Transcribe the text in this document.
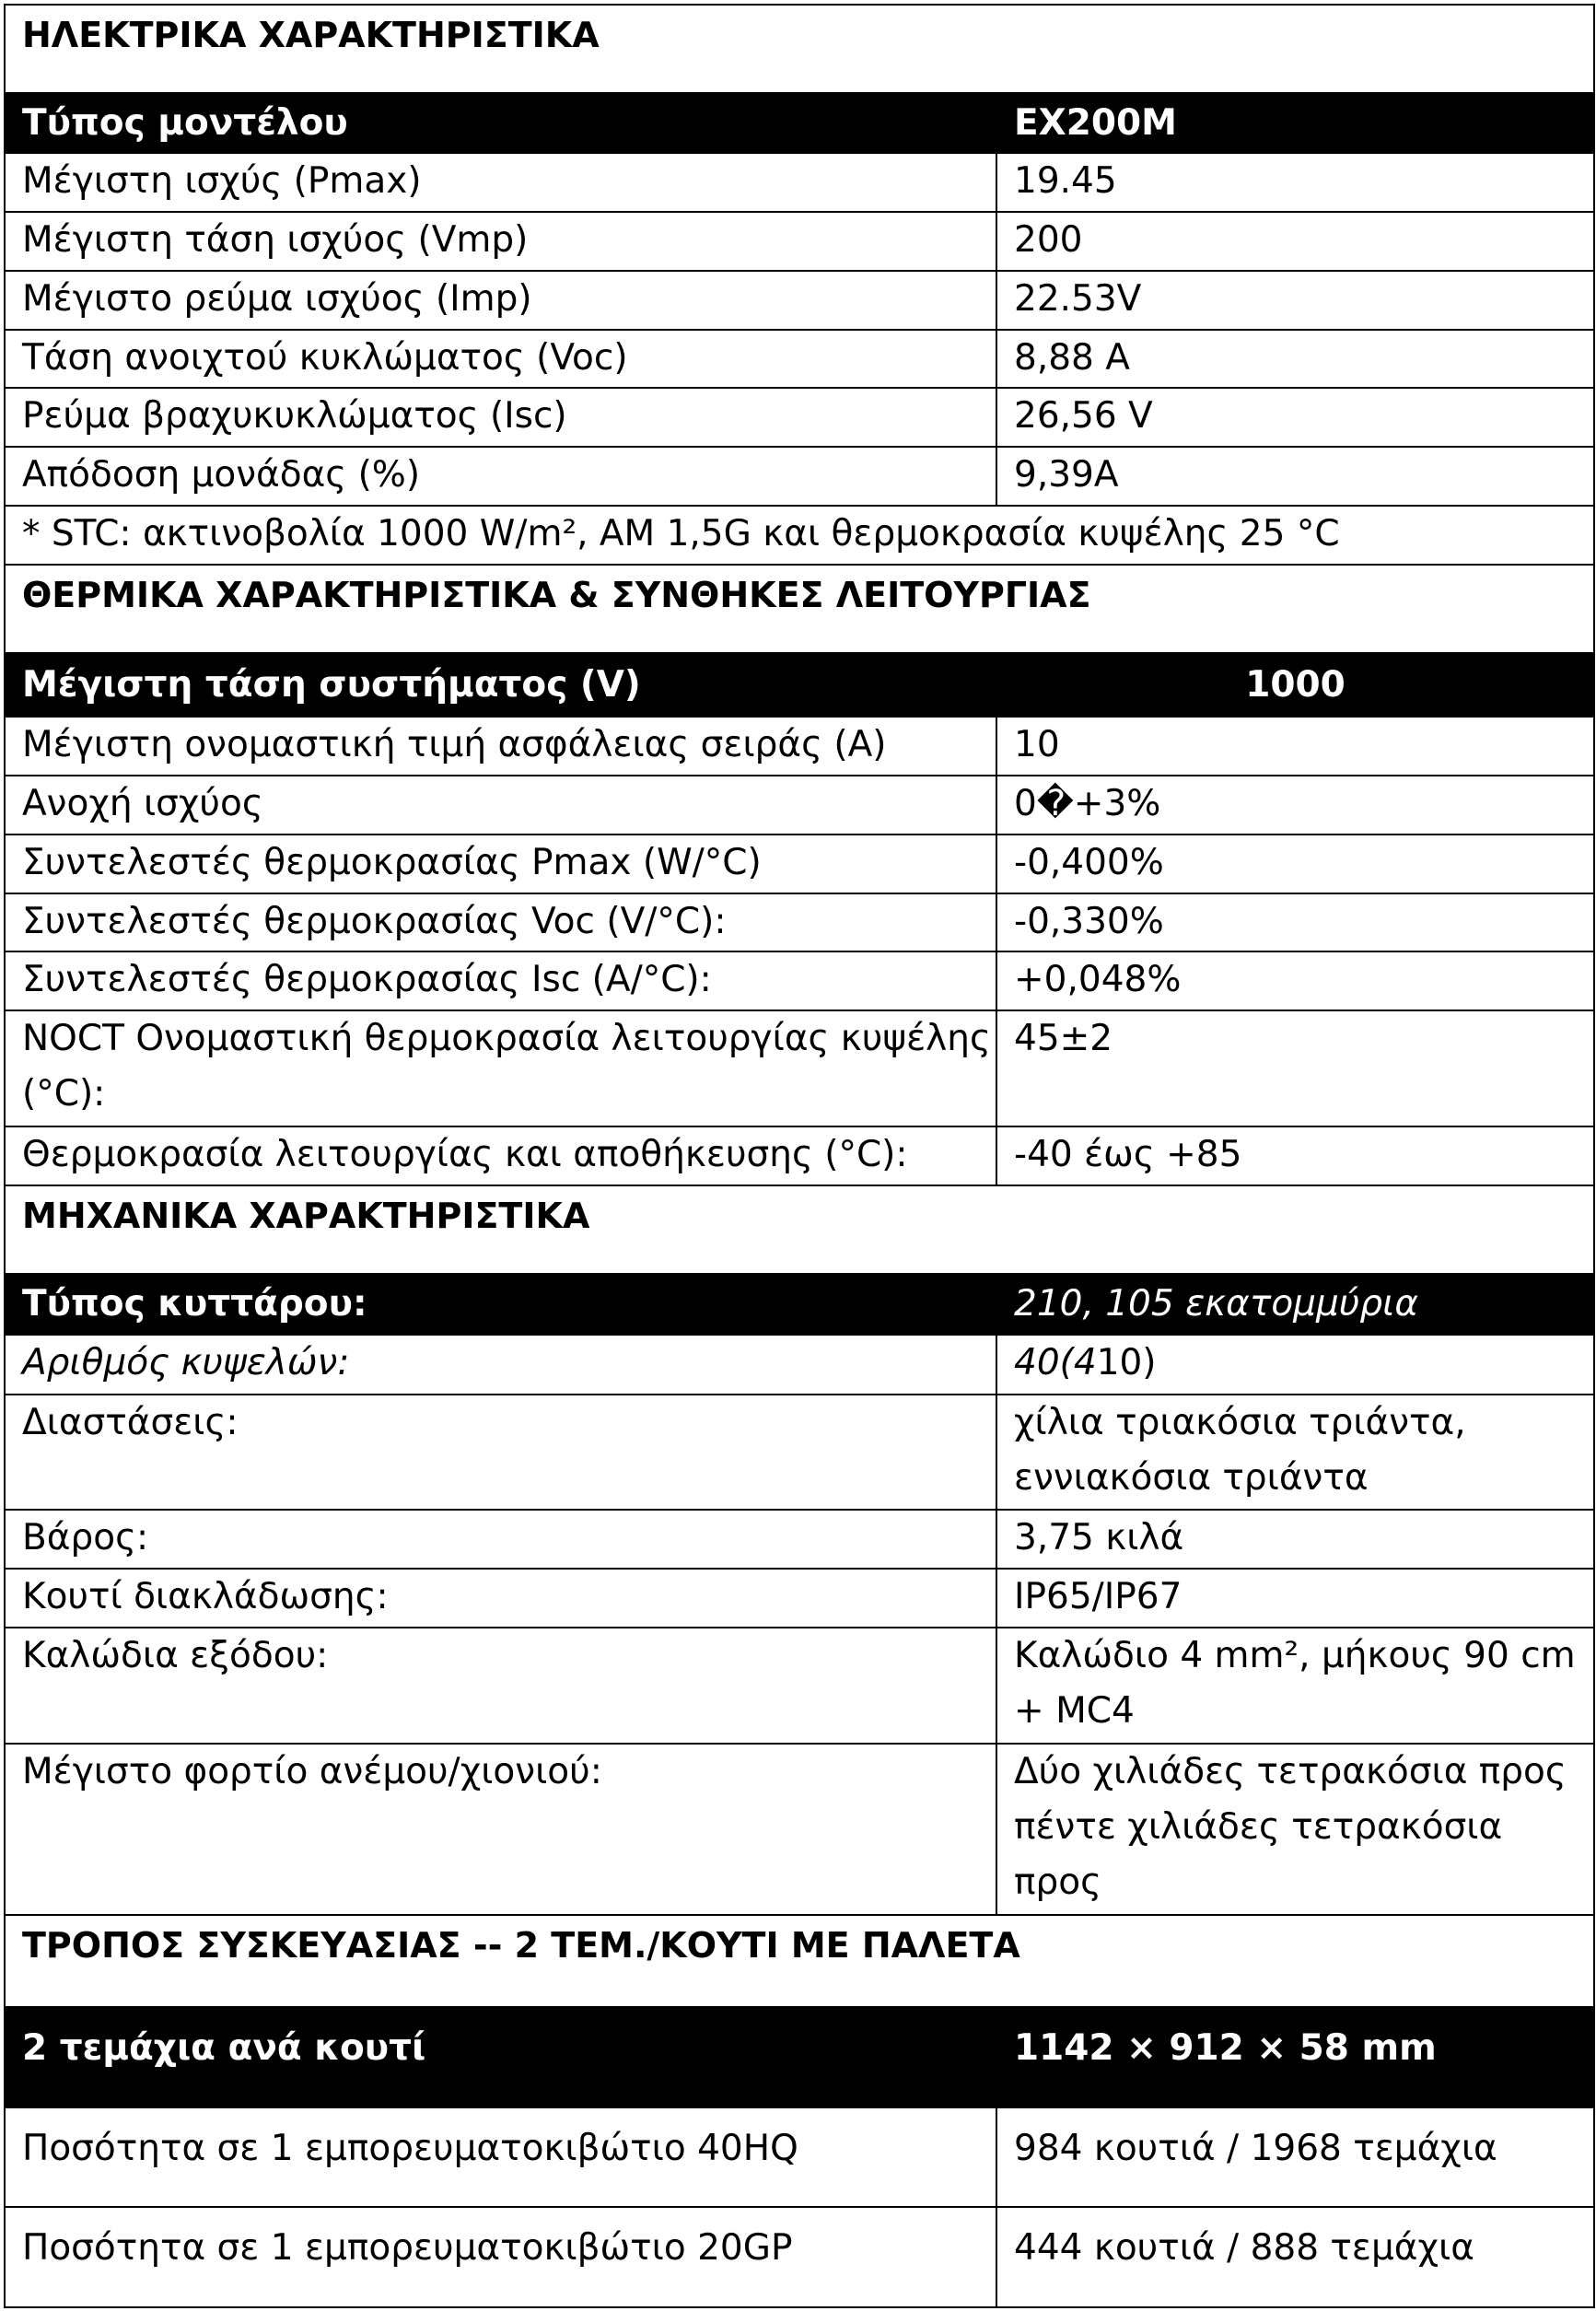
ΗΛΕΚΤΡΙΚΑ ΧΑΡΑΚΤΗΡΙΣΤΙΚΑ	
Τύπος μοντέλου	EX200M
Μέγιστη ισχύς (Pmax)	19.45
Μέγιστη τάση ισχύος (Vmp)	200
Μέγιστο ρεύμα ισχύος (Imp)	22.53V
Τάση ανοιχτού κυκλώματος (Voc)	8,88 A
Ρεύμα βραχυκυκλώματος (Isc)	26,56 V
Απόδοση μονάδας (%)	9,39A
* STC: ακτινοβολία 1000 W/m², AM 1,5G και θερμοκρασία κυψέλης 25 °C	
ΘΕΡΜΙΚΑ ΧΑΡΑΚΤΗΡΙΣΤΙΚΑ & ΣΥΝΘΗΚΕΣ ΛΕΙΤΟΥΡΓΙΑΣ	
Μέγιστη τάση συστήματος (V)	1000
Μέγιστη ονομαστική τιμή ασφάλειας σειράς (A)	10
Ανοχή ισχύος	0�+3%
Συντελεστές θερμοκρασίας Pmax (W/°C)	-0,400%
Συντελεστές θερμοκρασίας Voc (V/°C):	-0,330%
Συντελεστές θερμοκρασίας Isc (A/°C):	+0,048%
NOCT Ονομαστική θερμοκρασία λειτουργίας κυψέλης (°C):	45±2
Θερμοκρασία λειτουργίας και αποθήκευσης (°C):	-40 έως +85
ΜΗΧΑΝΙΚΑ ΧΑΡΑΚΤΗΡΙΣΤΙΚΑ	
Τύπος κυττάρου:	210, 105 εκατομμύρια
Αριθμός κυψελών:	40(410)
Διαστάσεις:	χίλια τριακόσια τριάντα, εννιακόσια τριάντα
Βάρος:	3,75 κιλά
Κουτί διακλάδωσης:	IP65/IP67
Καλώδια εξόδου:	Καλώδιο 4 mm², μήκους 90 cm + MC4
Μέγιστο φορτίο ανέμου/χιονιού:	Δύο χιλιάδες τετρακόσια προς πέντε χιλιάδες τετρακόσια προς
ΤΡΟΠΟΣ ΣΥΣΚΕΥΑΣΙΑΣ -- 2 ΤΕΜ./ΚΟΥΤΙ ΜΕ ΠΑΛΕΤΑ	
2 τεμάχια ανά κουτί	1142 × 912 × 58 mm
Ποσότητα σε 1 εμπορευματοκιβώτιο 40HQ	984 κουτιά / 1968 τεμάχια
Ποσότητα σε 1 εμπορευματοκιβώτιο 20GP	444 κουτιά / 888 τεμάχια
